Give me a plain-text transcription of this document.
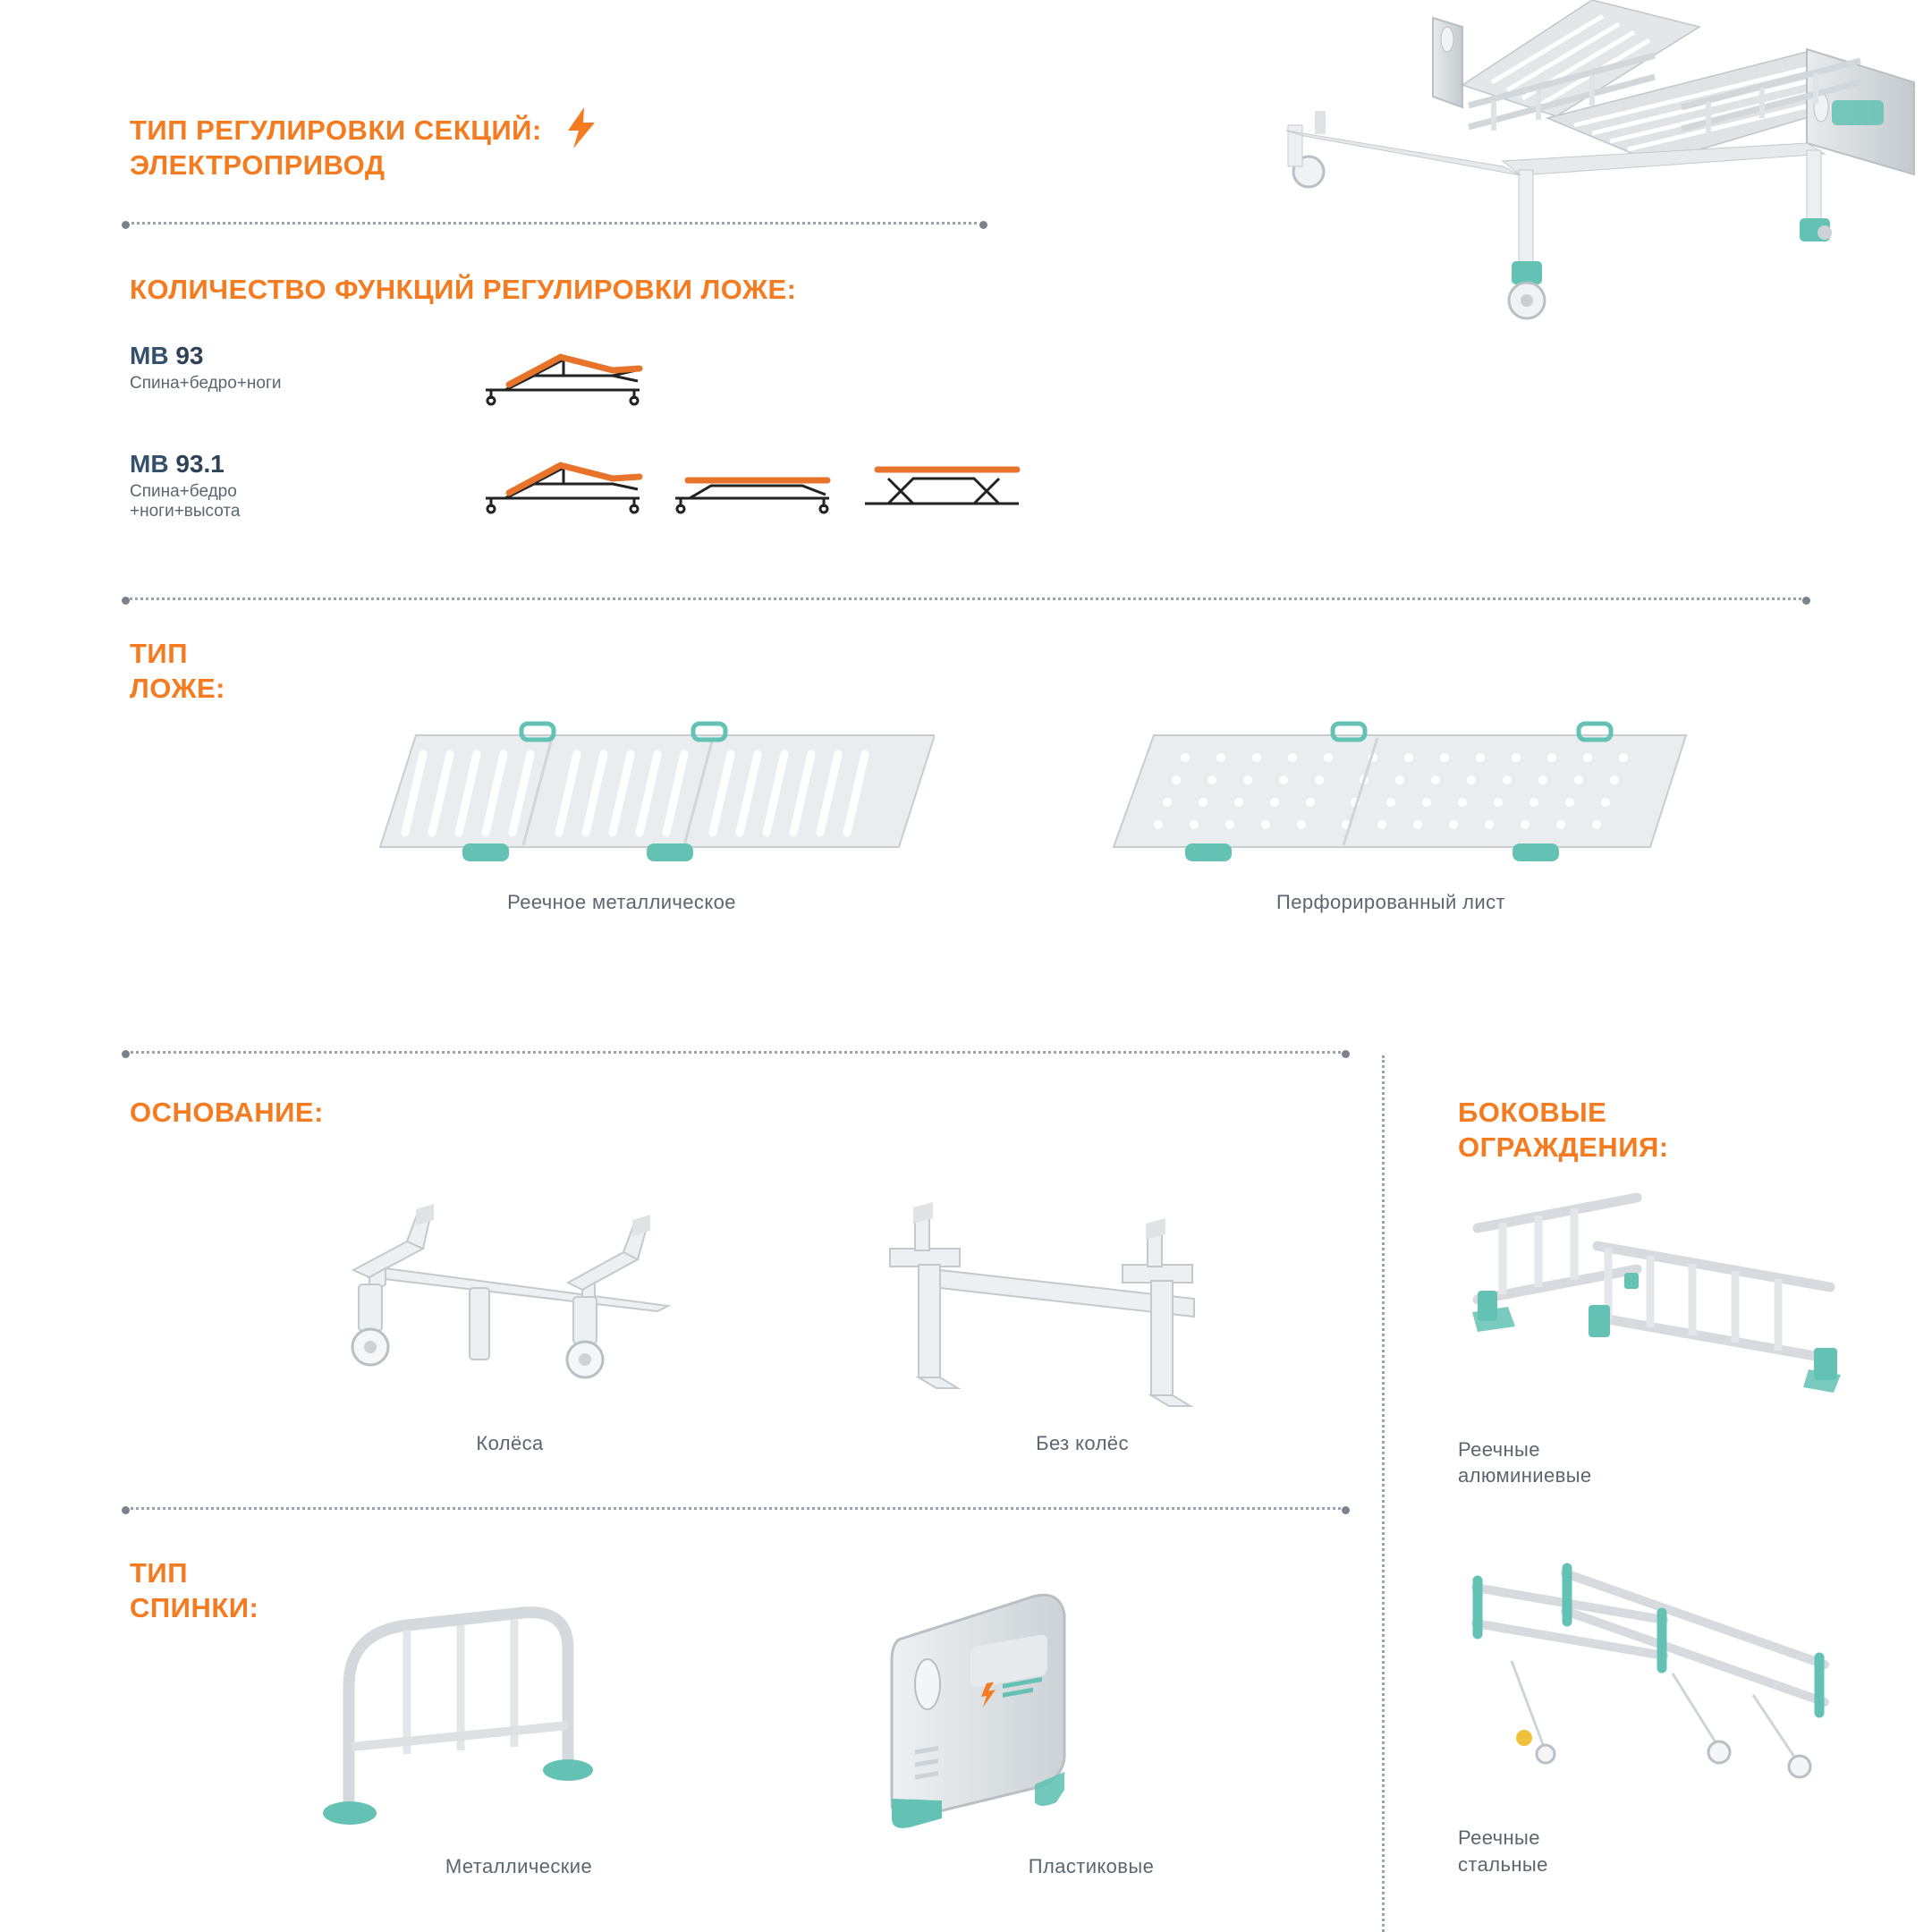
ТИП РЕГУЛИРОВКИ СЕКЦИЙ:
ЭЛЕКТРОПРИВОД
КОЛИЧЕСТВО ФУНКЦИЙ РЕГУЛИРОВКИ ЛОЖЕ:
MB 93
Спина+бедро+ноги
MB 93.1
Спина+бедро
+ноги+высота
ТИП
ЛОЖЕ:
Реечное металлическое	Перфорированный лист
ОСНОВАНИЕ:
Колёса	Без колёс
ТИП
СПИНКИ:
Металлические	Пластиковые
БОКОВЫЕ
ОГРАЖДЕНИЯ:
Реечные
алюминиевые
Реечные
стальные
